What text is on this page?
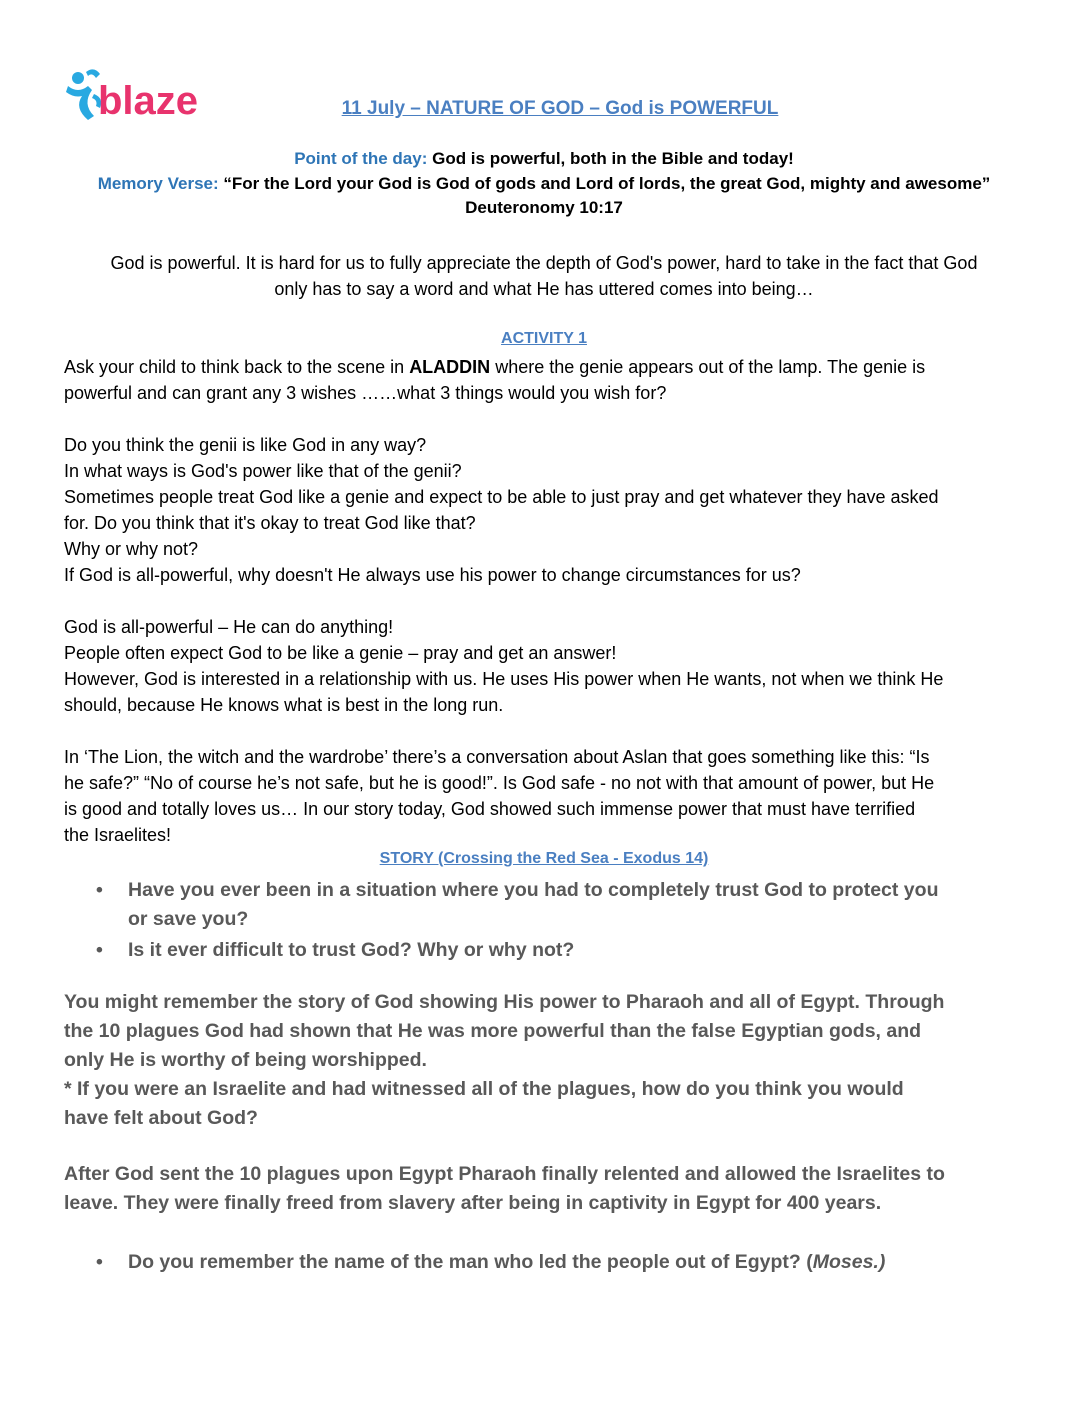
blaze	11 July – NATURE OF GOD – God is POWERFUL
Point of the day: God is powerful, both in the Bible and today!
Memory Verse: “For the Lord your God is God of gods and Lord of lords, the great God, mighty and awesome”
Deuteronomy 10:17
God is powerful. It is hard for us to fully appreciate the depth of God's power, hard to take in the fact that God
only has to say a word and what He has uttered comes into being…
ACTIVITY 1
Ask your child to think back to the scene in ALADDIN where the genie appears out of the lamp. The genie is
powerful and can grant any 3 wishes ……what 3 things would you wish for?
Do you think the genii is like God in any way?
In what ways is God's power like that of the genii?
Sometimes people treat God like a genie and expect to be able to just pray and get whatever they have asked
for. Do you think that it's okay to treat God like that?
Why or why not?
If God is all-powerful, why doesn't He always use his power to change circumstances for us?
God is all-powerful – He can do anything!
People often expect God to be like a genie – pray and get an answer!
However, God is interested in a relationship with us. He uses His power when He wants, not when we think He
should, because He knows what is best in the long run.
In ‘The Lion, the witch and the wardrobe’ there’s a conversation about Aslan that goes something like this: “Is
he safe?” “No of course he’s not safe, but he is good!”. Is God safe - no not with that amount of power, but He
is good and totally loves us… In our story today, God showed such immense power that must have terrified
the Israelites!
STORY (Crossing the Red Sea - Exodus 14)
• Have you ever been in a situation where you had to completely trust God to protect you
or save you?
• Is it ever difficult to trust God? Why or why not?
You might remember the story of God showing His power to Pharaoh and all of Egypt. Through
the 10 plagues God had shown that He was more powerful than the false Egyptian gods, and
only He is worthy of being worshipped.
* If you were an Israelite and had witnessed all of the plagues, how do you think you would
have felt about God?
After God sent the 10 plagues upon Egypt Pharaoh finally relented and allowed the Israelites to
leave. They were finally freed from slavery after being in captivity in Egypt for 400 years.
• Do you remember the name of the man who led the people out of Egypt? (Moses.)
